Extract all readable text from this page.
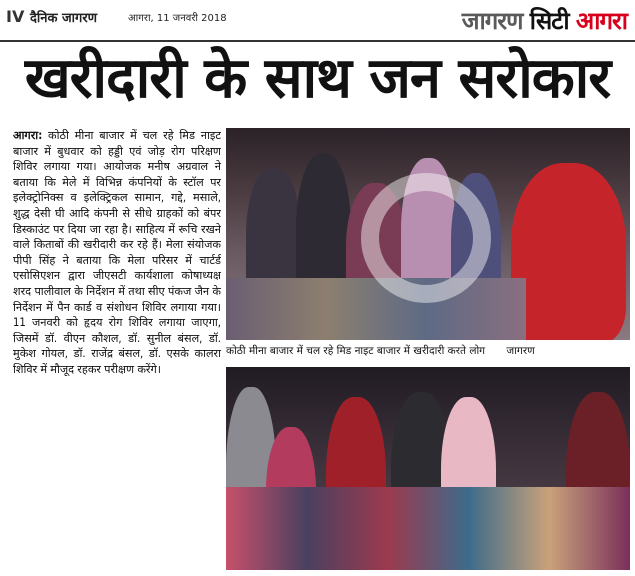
IV दैनिक जागरण	आगरा, 11 जनवरी 2018	जागरण सिटी आगरा
खरीदारी के साथ जन सरोकार
आगरा: कोठी मीना बाजार में चल रहे मिड नाइट बाजार में बुधवार को हड्डी एवं जोड़ रोग परिक्षण शिविर लगाया गया। आयोजक मनीष अग्रवाल ने बताया कि मेले में विभिन्न कंपनियों के स्टॉल पर इलेक्ट्रोनिक्स व इलेक्ट्रिकल सामान, गद्दे, मसाले, शुद्ध देसी घी आदि कंपनी से सीधे ग्राहकों को बंपर डिस्काउंट पर दिया जा रहा है। साहित्य में रूचि रखने वाले किताबों की खरीदारी कर रहे हैं। मेला संयोजक पीपी सिंह ने बताया कि मेला परिसर में चार्टर्ड एसोसिएशन द्वारा जीएसटी कार्यशाला कोषाध्यक्ष शरद पालीवाल के निर्देशन में तथा सीए पंकज जैन के निर्देशन में पैन कार्ड व संशोधन शिविर लगाया गया। 11 जनवरी को हृदय रोग शिविर लगाया जाएगा, जिसमें डॉ. वीएन कौशल, डॉ. सुनील बंसल, डॉ. मुकेश गोयल, डॉ. राजेंद्र बंसल, डॉ. एसके कालरा शिविर में मौजूद रहकर परीक्षण करेंगे।
कोठी मीना बाजार में चल रहे मिड नाइट बाजार में खरीदारी करते लोग जागरण
